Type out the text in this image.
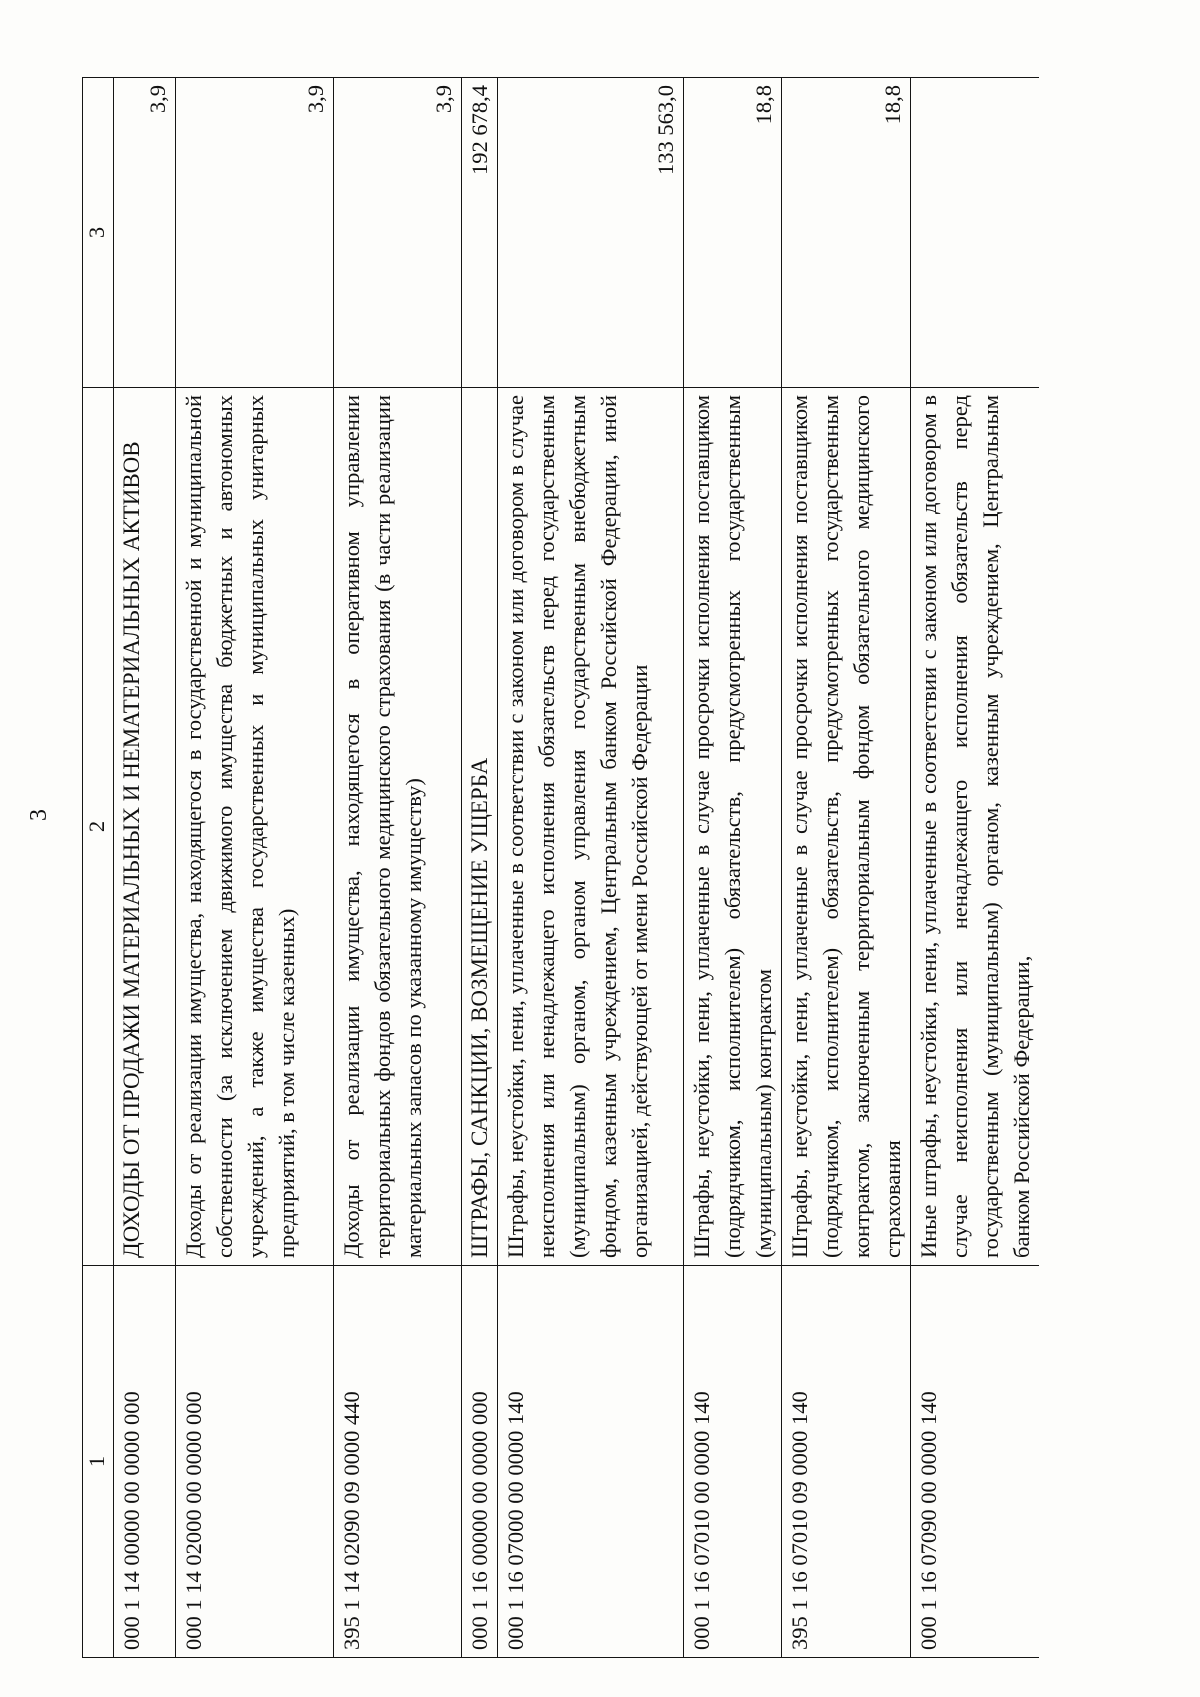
3
1	2	3
000 1 14 00000 00 0000 000	ДОХОДЫ ОТ ПРОДАЖИ МАТЕРИАЛЬНЫХ И НЕМАТЕРИАЛЬНЫХ АКТИВОВ	3,9
000 1 14 02000 00 0000 000	Доходы от реализации имущества, находящегося в государственной и муниципальной собственности (за исключением движимого имущества бюджетных и автономных учреждений, а также имущества государственных и муниципальных унитарных предприятий, в том числе казенных)	3,9
395 1 14 02090 09 0000 440	Доходы от реализации имущества, находящегося в оперативном управлении территориальных фондов обязательного медицинского страхования (в части реализации материальных запасов по указанному имуществу)	3,9
000 1 16 00000 00 0000 000	ШТРАФЫ, САНКЦИИ, ВОЗМЕЩЕНИЕ УЩЕРБА	192 678,4
000 1 16 07000 00 0000 140	Штрафы, неустойки, пени, уплаченные в соответствии с законом или договором в случае неисполнения или ненадлежащего исполнения обязательств перед государственным (муниципальным) органом, органом управления государственным внебюджетным фондом, казенным учреждением, Центральным банком Российской Федерации, иной организацией, действующей от имени Российской Федерации	133 563,0
000 1 16 07010 00 0000 140	Штрафы, неустойки, пени, уплаченные в случае просрочки исполнения поставщиком (подрядчиком, исполнителем) обязательств, предусмотренных государственным (муниципальным) контрактом	18,8
395 1 16 07010 09 0000 140	Штрафы, неустойки, пени, уплаченные в случае просрочки исполнения поставщиком (подрядчиком, исполнителем) обязательств, предусмотренных государственным контрактом, заключенным территориальным фондом обязательного медицинского страхования	18,8
000 1 16 07090 00 0000 140	Иные штрафы, неустойки, пени, уплаченные в соответствии с законом или договором в случае неисполнения или ненадлежащего исполнения обязательств перед государственным (муниципальным) органом, казенным учреждением, Центральным банком Российской Федерации,	
